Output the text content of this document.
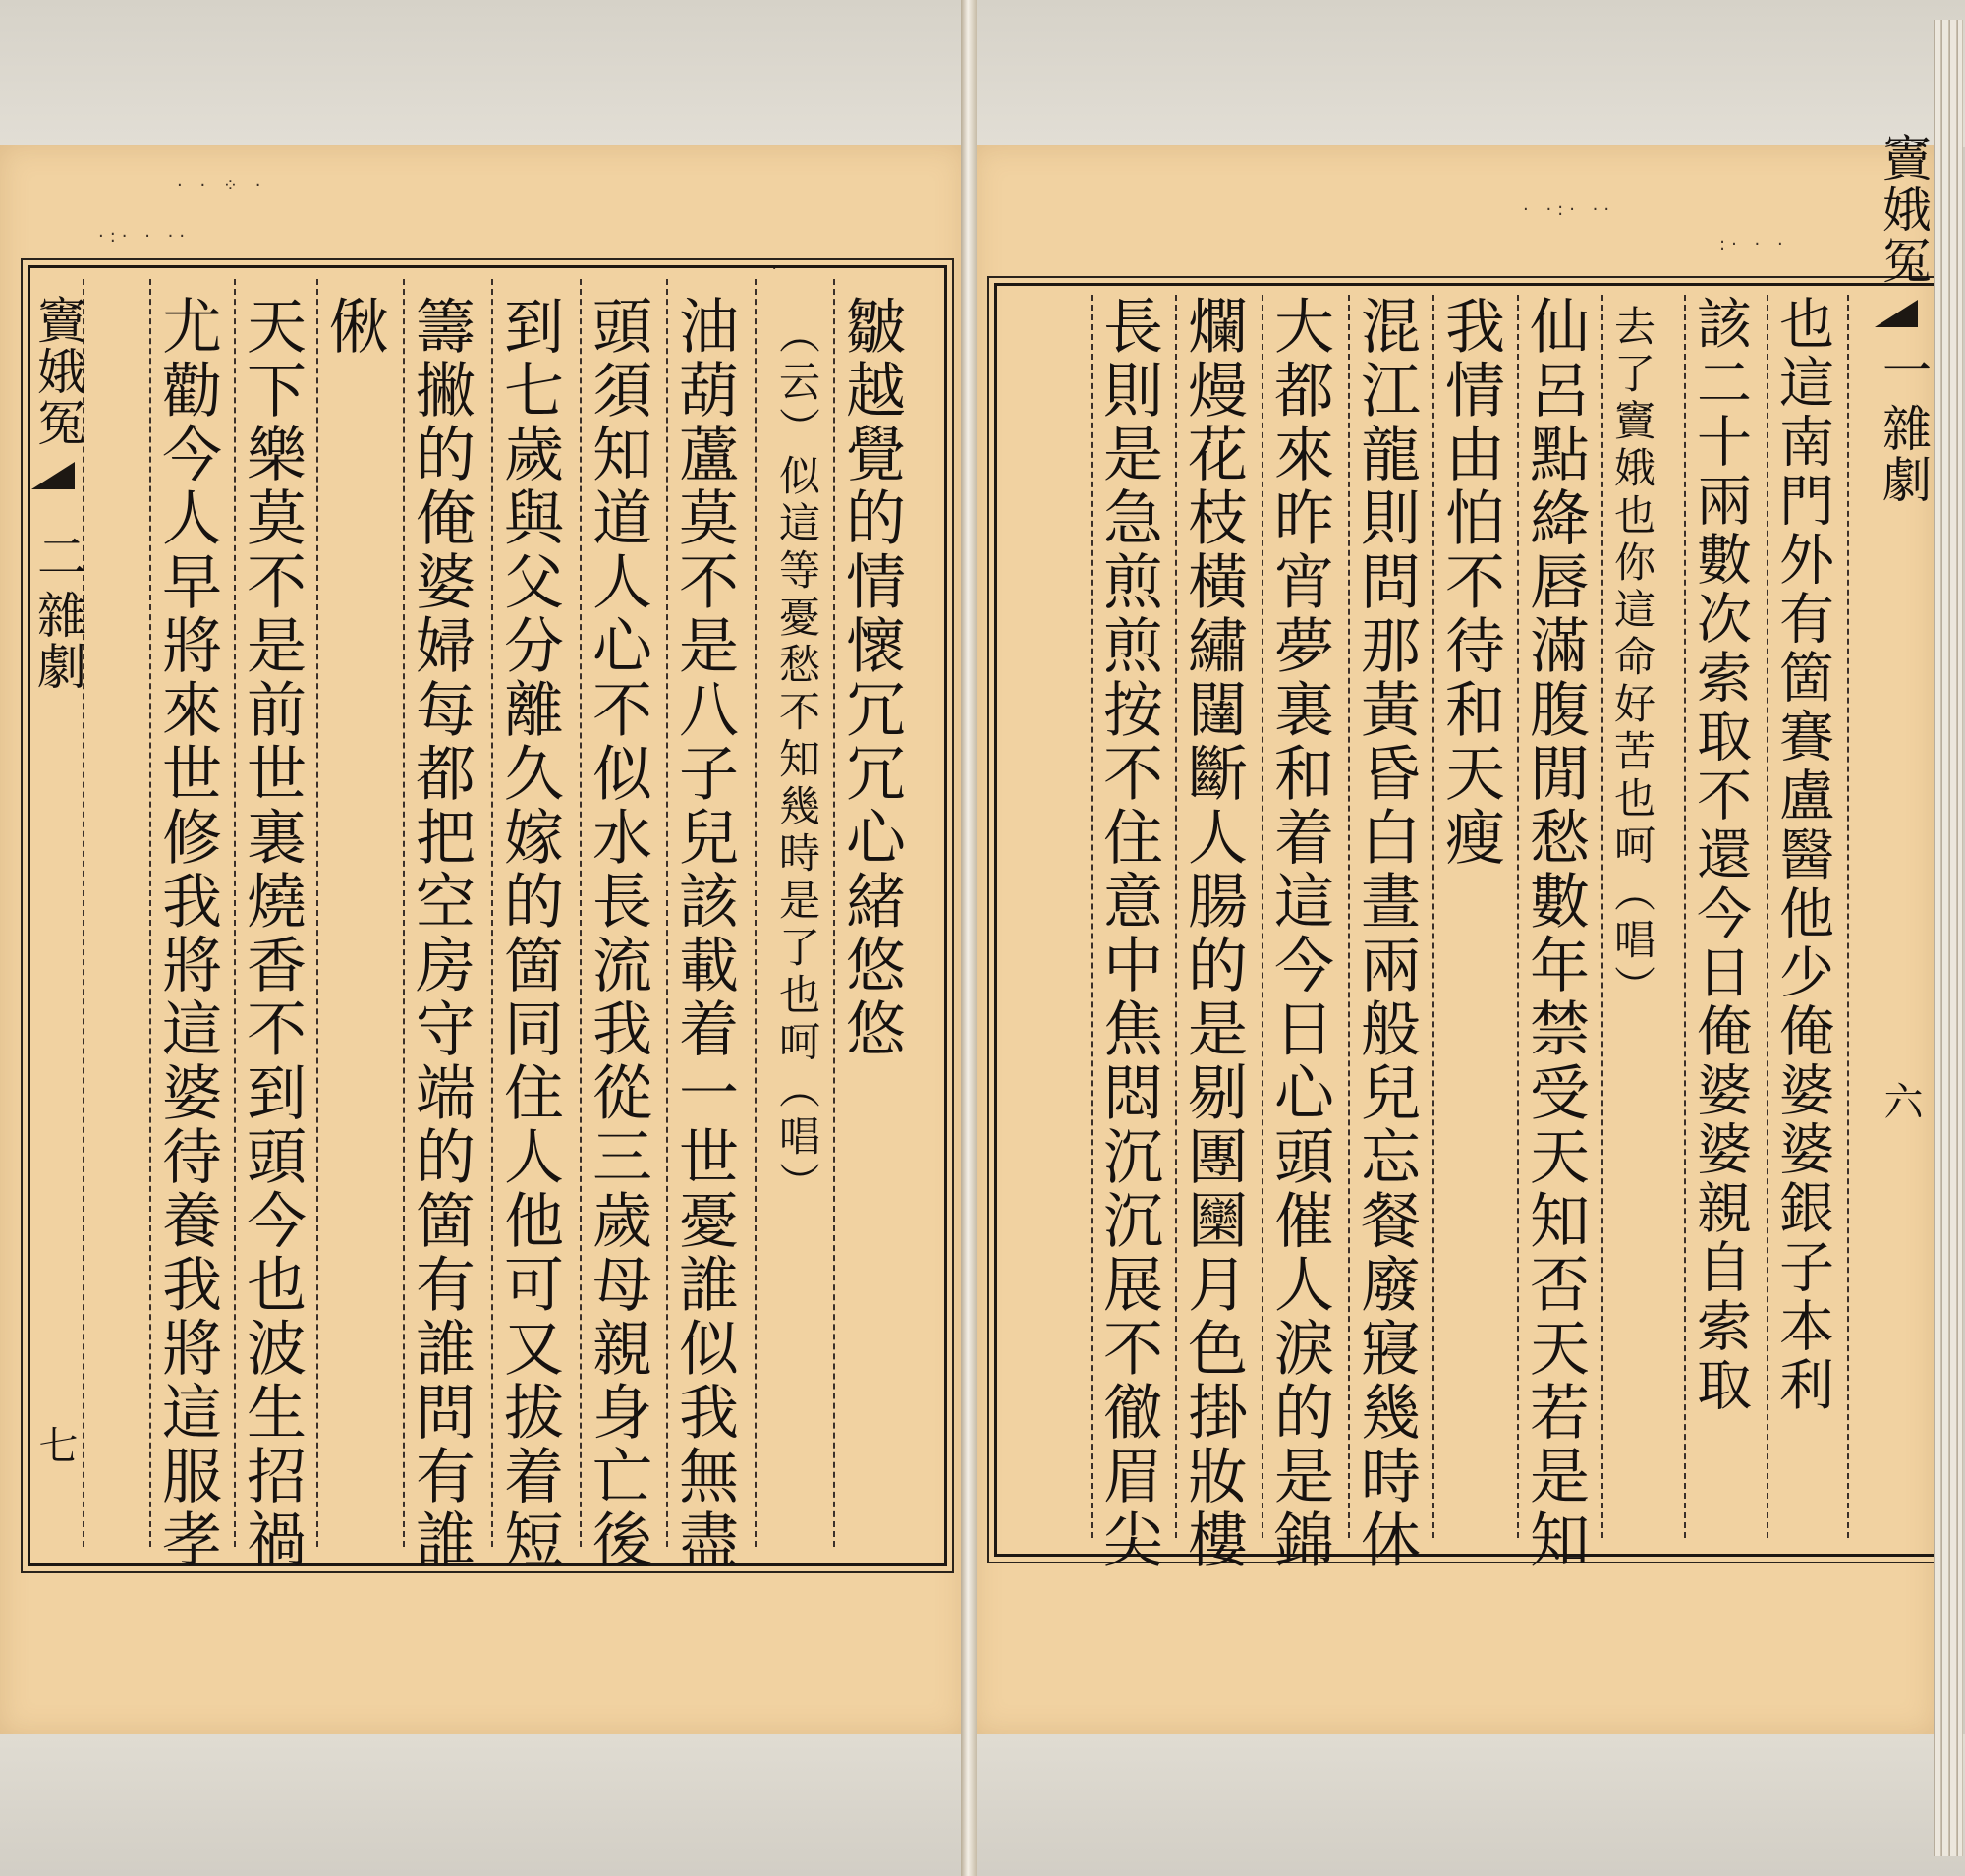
· · ⁘ ·
·:· · ··
· ·:

皺越覺的情懷冗冗心緒悠悠

（云）似這等憂愁不知幾時是了也呵（唱）

油葫蘆莫不是八子兒該載着一世憂誰似我無盡

頭須知道人心不似水長流我從三歲母親身亡後

到七歲與父分離久嫁的箇同住人他可又拔着短

籌撇的俺婆婦每都把空房守端的箇有誰問有誰

偢

天下樂莫不是前世裏燒香不到頭今也波生招禍

尤勸今人早將來世修我將這婆待養我將這服孝

竇娥冤

二

雜劇

七

· ·:· ··
:· · · 竇娥冤

一

雜劇

六

也這南門外有箇賽盧醫他少俺婆婆銀子本利

該二十兩數次索取不還今日俺婆婆親自索取

去了竇娥也你這命好苦也呵（唱）

仙呂點絳唇滿腹閒愁數年禁受天知否天若是知

我情由怕不待和天瘦

混江龍則問那黃昏白晝兩般兒忘餐廢寢幾時休

大都來昨宵夢裏和着這今日心頭催人淚的是錦

爛熳花枝橫繡闥斷人腸的是剔團圞月色掛妝樓

長則是急煎煎按不住意中焦悶沉沉展不徹眉尖
